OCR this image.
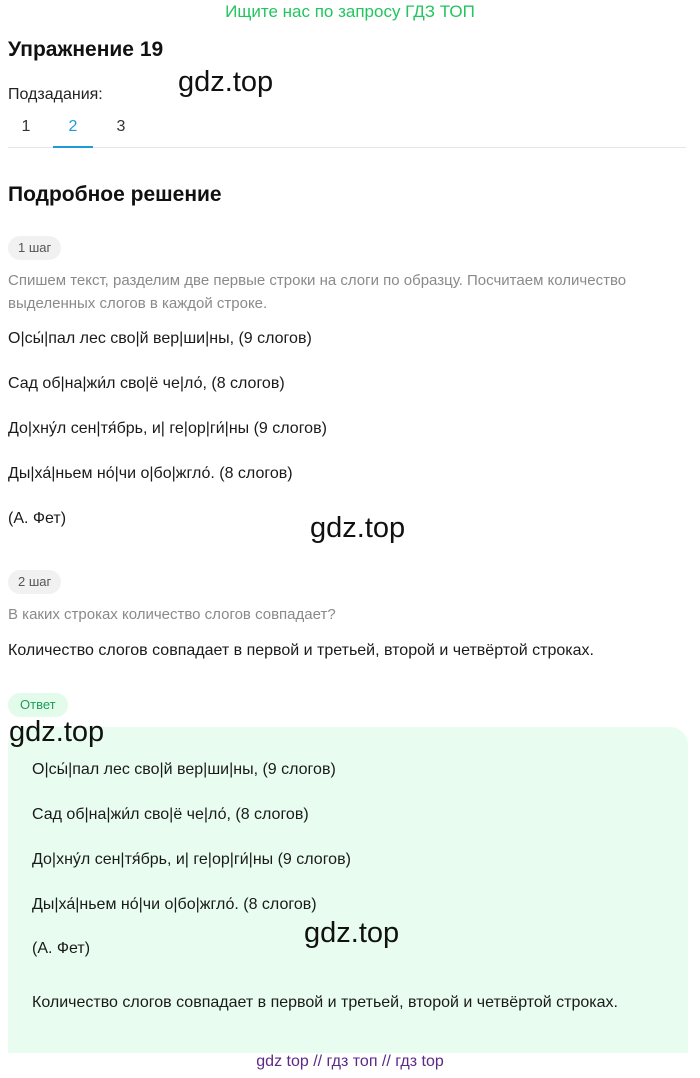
Ищите нас по запросу ГДЗ ТОП
Упражнение 19
Подзадания:
1	2	3
Подробное решение
1 шаг
Спишем текст, разделим две первые строки на слоги по образцу. Посчитаем количество выделенных слогов в каждой строке.
О|сы́|пал лес сво|й вер|ши|ны, (9 слогов)
Сад об|на|жи́л сво|ё че|ло́, (8 слогов)
До|хну́л сен|тя́брь, и| ге|ор|ги́|ны (9 слогов)
Ды|ха́|ньем но́|чи о|бо|жгло́. (8 слогов)
(А. Фет)
2 шаг
В каких строках количество слогов совпадает?
Количество слогов совпадает в первой и третьей, второй и четвёртой строках.
Ответ
О|сы́|пал лес сво|й вер|ши|ны, (9 слогов)
Сад об|на|жи́л сво|ё че|ло́, (8 слогов)
До|хну́л сен|тя́брь, и| ге|ор|ги́|ны (9 слогов)
Ды|ха́|ньем но́|чи о|бо|жгло́. (8 слогов)
(А. Фет)
Количество слогов совпадает в первой и третьей, второй и четвёртой строках.
gdz.top
gdz.top
gdz.top
gdz.top
gdz top // гдз топ // гдз top
